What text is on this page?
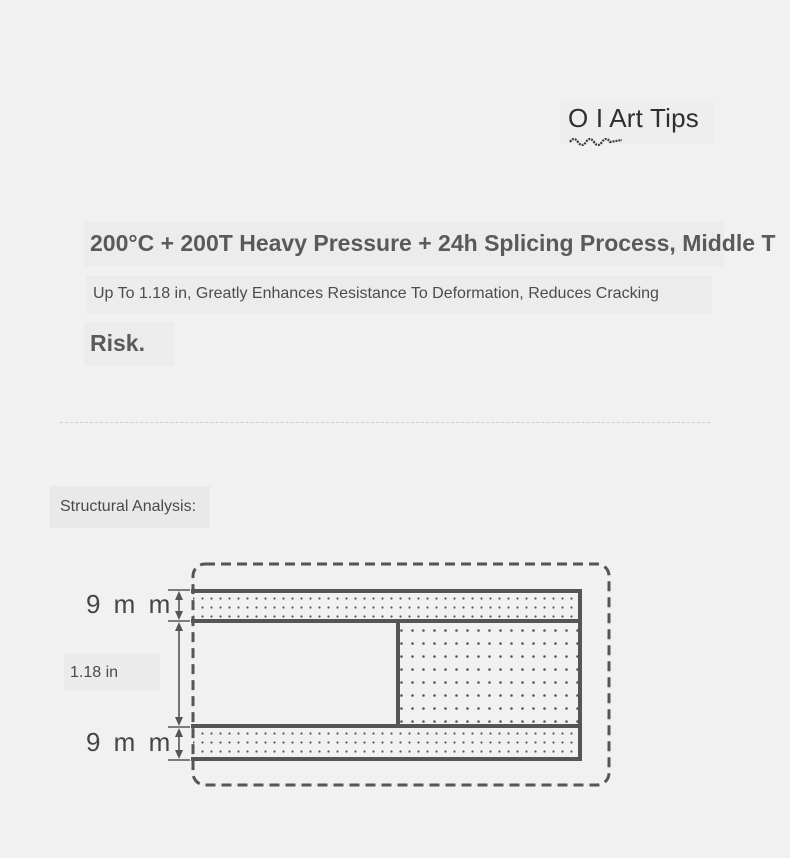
O I Art Tips
200°C + 200T Heavy Pressure + 24h Splicing Process, Middle T
Up To 1.18 in, Greatly Enhances Resistance To Deformation, Reduces Cracking
Risk.
Structural Analysis:
9 m m
1.18 in
9 m m
